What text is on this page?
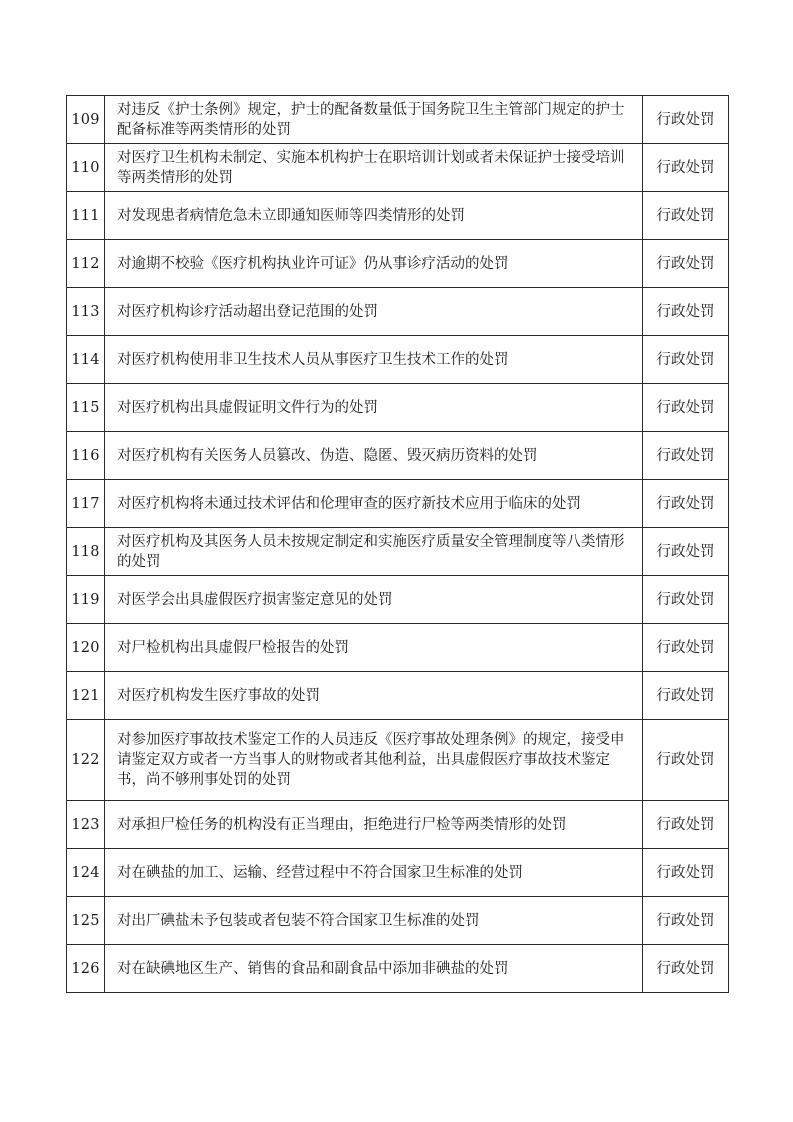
109	对违反《护士条例》规定，护士的配备数量低于国务院卫生主管部门规定的护士配备标准等两类情形的处罚	行政处罚
110	对医疗卫生机构未制定、实施本机构护士在职培训计划或者未保证护士接受培训等两类情形的处罚	行政处罚
111	对发现患者病情危急未立即通知医师等四类情形的处罚	行政处罚
112	对逾期不校验《医疗机构执业许可证》仍从事诊疗活动的处罚	行政处罚
113	对医疗机构诊疗活动超出登记范围的处罚	行政处罚
114	对医疗机构使用非卫生技术人员从事医疗卫生技术工作的处罚	行政处罚
115	对医疗机构出具虚假证明文件行为的处罚	行政处罚
116	对医疗机构有关医务人员篡改、伪造、隐匿、毁灭病历资料的处罚	行政处罚
117	对医疗机构将未通过技术评估和伦理审查的医疗新技术应用于临床的处罚	行政处罚
118	对医疗机构及其医务人员未按规定制定和实施医疗质量安全管理制度等八类情形的处罚	行政处罚
119	对医学会出具虚假医疗损害鉴定意见的处罚	行政处罚
120	对尸检机构出具虚假尸检报告的处罚	行政处罚
121	对医疗机构发生医疗事故的处罚	行政处罚
122	对参加医疗事故技术鉴定工作的人员违反《医疗事故处理条例》的规定，接受申请鉴定双方或者一方当事人的财物或者其他利益，出具虚假医疗事故技术鉴定书，尚不够刑事处罚的处罚	行政处罚
123	对承担尸检任务的机构没有正当理由，拒绝进行尸检等两类情形的处罚	行政处罚
124	对在碘盐的加工、运输、经营过程中不符合国家卫生标准的处罚	行政处罚
125	对出厂碘盐未予包装或者包装不符合国家卫生标准的处罚	行政处罚
126	对在缺碘地区生产、销售的食品和副食品中添加非碘盐的处罚	行政处罚
